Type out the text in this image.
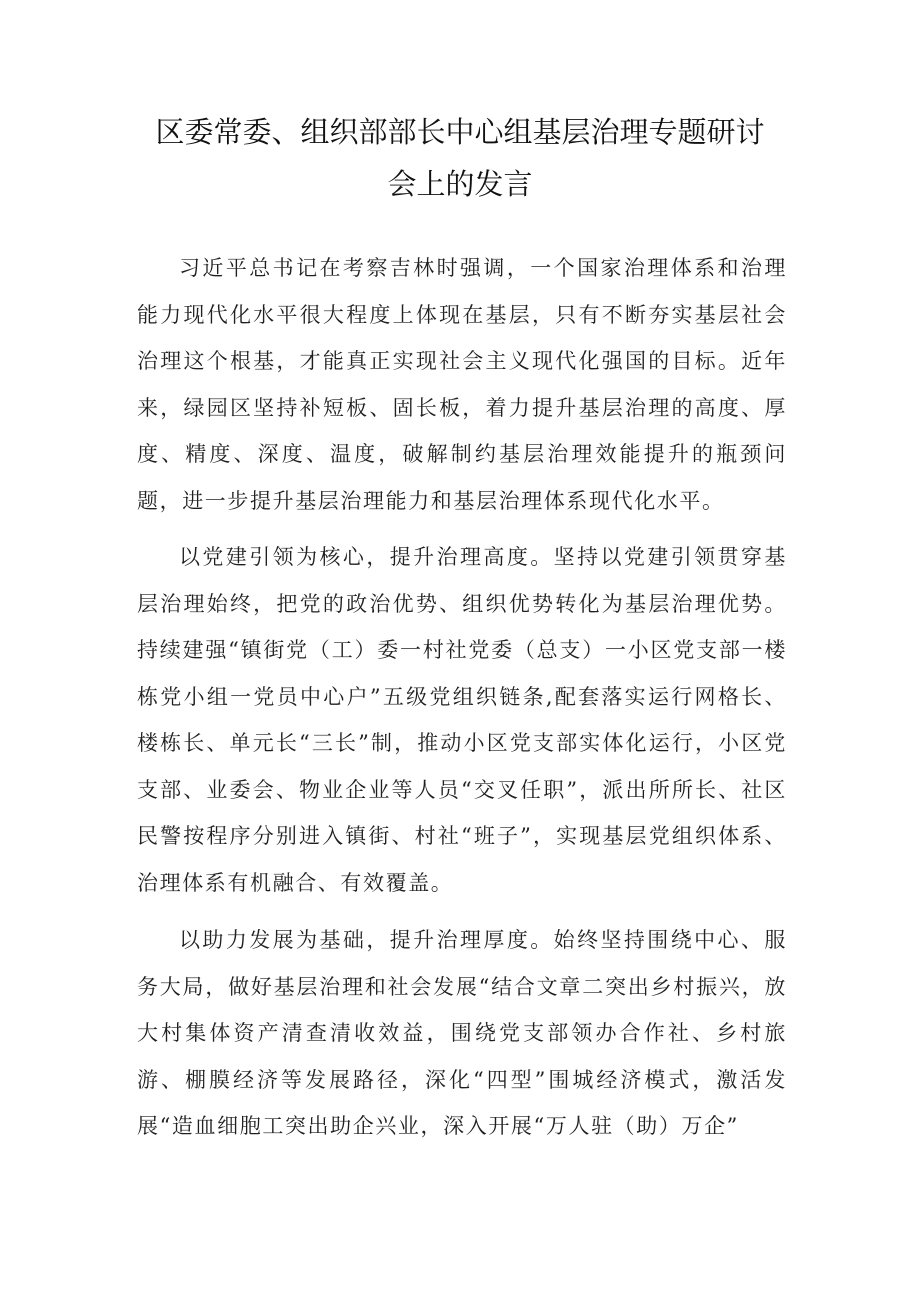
区委常委、组织部部长中心组基层治理专题研讨
会上的发言

习近平总书记在考察吉林时强调，一个国家治理体系和治理能力现代化水平很大程度上体现在基层，只有不断夯实基层社会治理这个根基，才能真正实现社会主义现代化强国的目标。近年来，绿园区坚持补短板、固长板，着力提升基层治理的高度、厚度、精度、深度、温度，破解制约基层治理效能提升的瓶颈问题，进一步提升基层治理能力和基层治理体系现代化水平。

以党建引领为核心，提升治理高度。坚持以党建引领贯穿基层治理始终，把党的政治优势、组织优势转化为基层治理优势。持续建强“镇街党（工）委一村社党委（总支）一小区党支部一楼栋党小组一党员中心户”五级党组织链条,配套落实运行网格长、楼栋长、单元长“三长”制，推动小区党支部实体化运行，小区党支部、业委会、物业企业等人员“交叉任职”，派出所所长、社区民警按程序分别进入镇街、村社“班子”，实现基层党组织体系、治理体系有机融合、有效覆盖。

以助力发展为基础，提升治理厚度。始终坚持围绕中心、服务大局，做好基层治理和社会发展“结合文章二突出乡村振兴，放大村集体资产清查清收效益，围绕党支部领办合作社、乡村旅游、棚膜经济等发展路径，深化“四型”围城经济模式，激活发展“造血细胞工突出助企兴业，深入开展“万人驻（助）万企”
